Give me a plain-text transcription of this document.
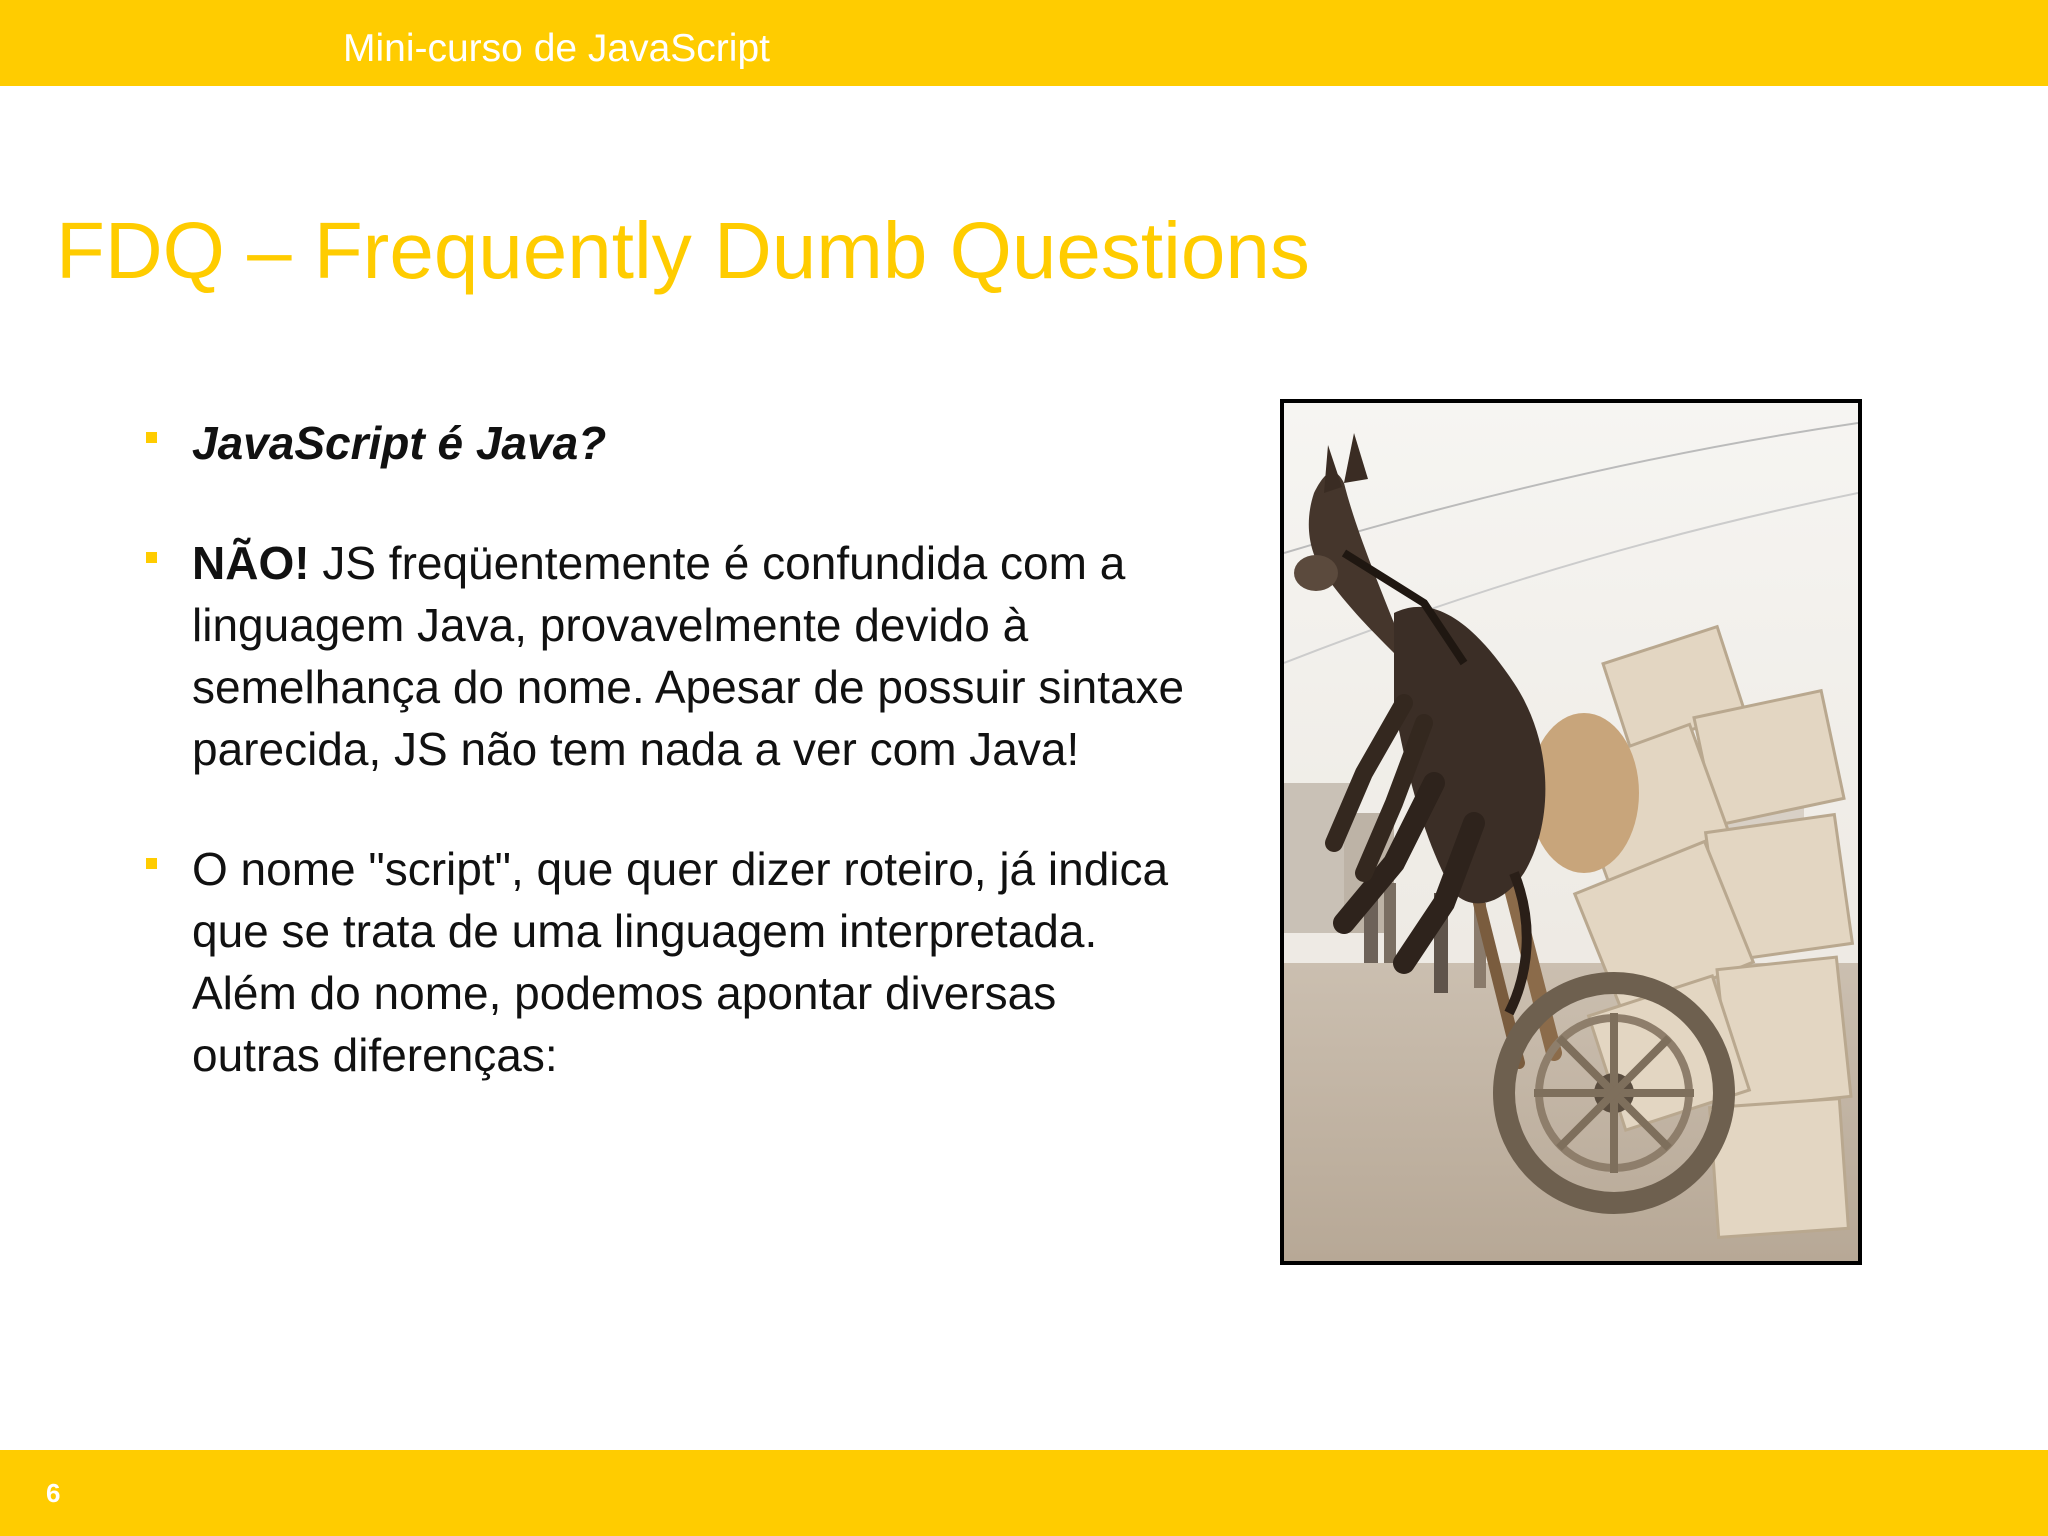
Mini-curso de JavaScript
FDQ – Frequently Dumb Questions
JavaScript é Java?
NÃO! JS freqüentemente é confundida com a linguagem Java, provavelmente devido à semelhança do nome. Apesar de possuir sintaxe parecida, JS não tem nada a ver com Java!
O nome "script", que quer dizer roteiro, já indica que se trata de uma linguagem interpretada. Além do nome, podemos apontar diversas outras diferenças:
6
